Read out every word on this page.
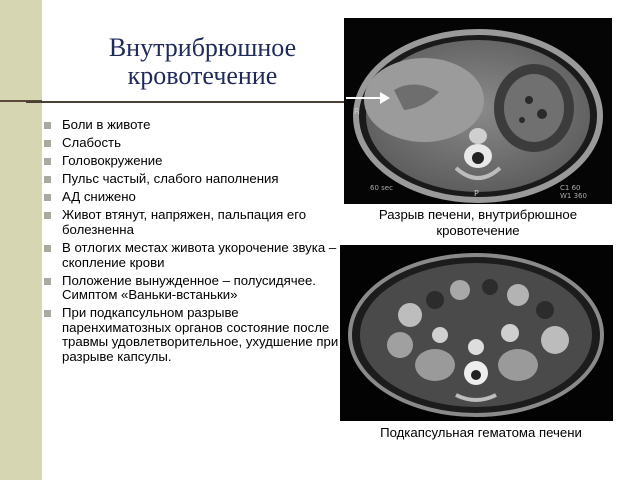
Внутрибрюшное кровотечение
Боли в животе
Слабость
Головокружение
Пульс частый, слабого наполнения
АД снижено
Живот втянут, напряжен, пальпация его болезненна
В отлогих местах живота укорочение звука – скопление крови
Положение вынужденное – полусидячее. Симптом «Ваньки-встаньки»
При подкапсульном разрыве паренхиматозных органов состояние после травмы удовлетворительное, ухудшение при разрыве капсулы.
R
P
60 sec	C1 60
W1 360
Разрыв печени, внутрибрюшное кровотечение
Подкапсульная гематома печени
